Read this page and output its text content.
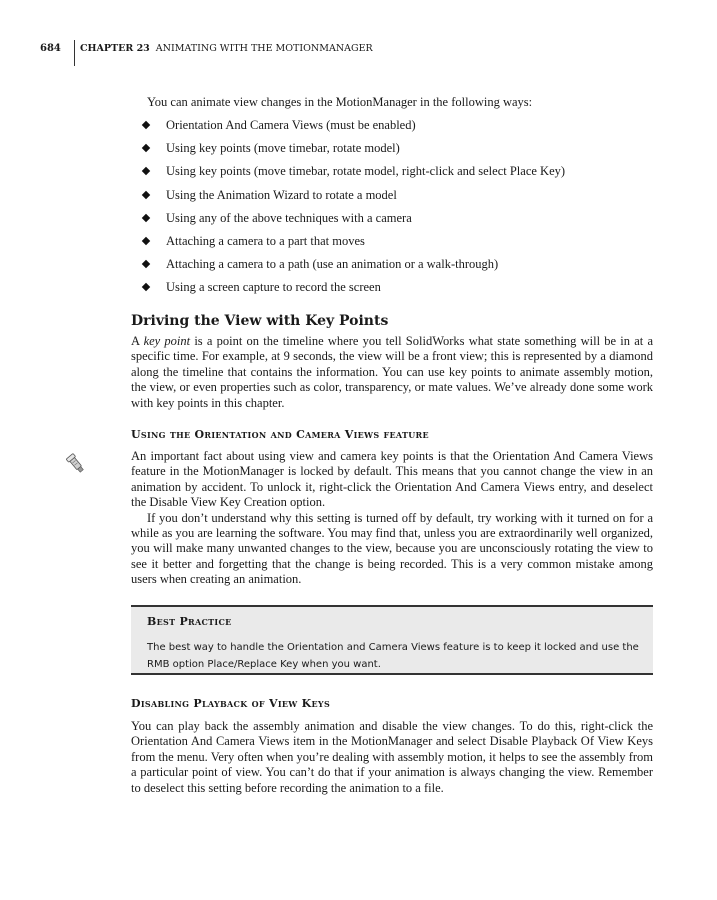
684 CHAPTER 23 ANIMATING WITH THE MOTIONMANAGER
You can animate view changes in the MotionManager in the following ways:
Orientation And Camera Views (must be enabled)
Using key points (move timebar, rotate model)
Using key points (move timebar, rotate model, right-click and select Place Key)
Using the Animation Wizard to rotate a model
Using any of the above techniques with a camera
Attaching a camera to a part that moves
Attaching a camera to a path (use an animation or a walk-through)
Using a screen capture to record the screen
Driving the View with Key Points
A key point is a point on the timeline where you tell SolidWorks what state something will be in at a specific time. For example, at 9 seconds, the view will be a front view; this is represented by a diamond along the timeline that contains the information. You can use key points to animate assembly motion, the view, or even properties such as color, transparency, or mate values. We’ve already done some work with key points in this chapter.
Using the Orientation and Camera Views feature

An important fact about using view and camera key points is that the Orientation And Camera Views feature in the MotionManager is locked by default. This means that you cannot change the view in an animation by accident. To unlock it, right-click the Orientation And Camera Views entry, and deselect the Disable View Key Creation option.

If you don’t understand why this setting is turned off by default, try working with it turned on for a while as you are learning the software. You may find that, unless you are extraordinarily well organized, you will make many unwanted changes to the view, because you are unconsciously rotating the view to see it better and forgetting that the change is being recorded. This is a very common mistake among users when creating an animation.

Best Practice
The best way to handle the Orientation and Camera Views feature is to keep it locked and use the RMB option Place/Replace Key when you want.
Disabling Playback of View Keys
You can play back the assembly animation and disable the view changes. To do this, right-click the Orientation And Camera Views item in the MotionManager and select Disable Playback Of View Keys from the menu. Very often when you’re dealing with assembly motion, it helps to see the assembly from a particular point of view. You can’t do that if your animation is always changing the view. Remember to deselect this setting before recording the animation to a file.
